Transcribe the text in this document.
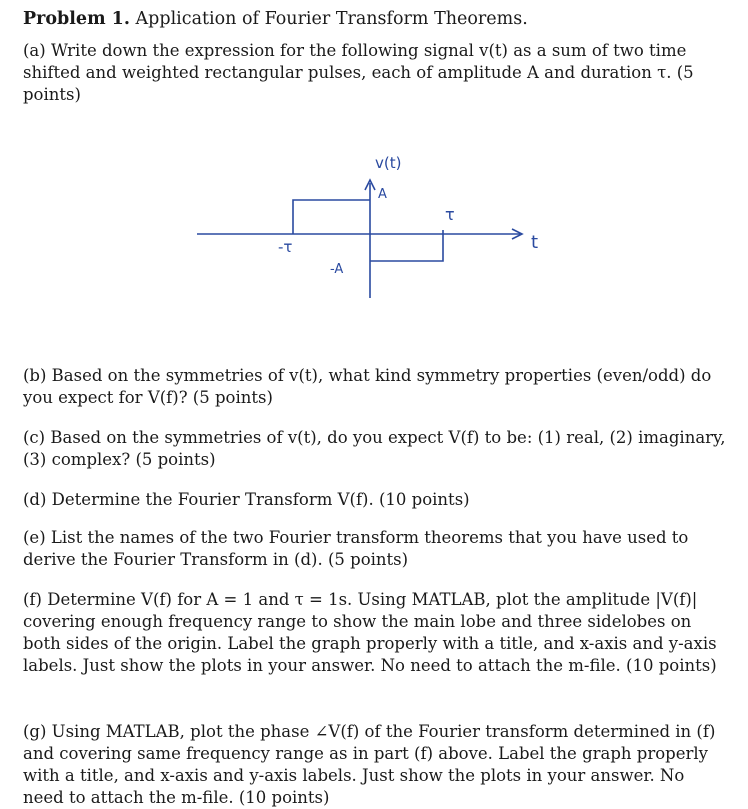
Problem 1. Application of Fourier Transform Theorems.

(a) Write down the expression for the following signal v(t) as a sum of two time shifted and weighted rectangular pulses, each of amplitude A and duration τ. (5 points)

v(t)
A
-A
τ
-τ	t

(b) Based on the symmetries of v(t), what kind symmetry properties (even/odd) do you expect for V(f)? (5 points)

(c) Based on the symmetries of v(t), do you expect V(f) to be: (1) real, (2) imaginary, (3) complex? (5 points)

(d) Determine the Fourier Transform V(f). (10 points)

(e) List the names of the two Fourier transform theorems that you have used to derive the Fourier Transform in (d). (5 points)

(f) Determine V(f) for A = 1 and τ = 1s. Using MATLAB, plot the amplitude |V(f)| covering enough frequency range to show the main lobe and three sidelobes on both sides of the origin. Label the graph properly with a title, and x-axis and y-axis labels. Just show the plots in your answer. No need to attach the m-file. (10 points)

(g) Using MATLAB, plot the phase ∠V(f) of the Fourier transform determined in (f) and covering same frequency range as in part (f) above. Label the graph properly with a title, and x-axis and y-axis labels. Just show the plots in your answer. No need to attach the m-file. (10 points)
